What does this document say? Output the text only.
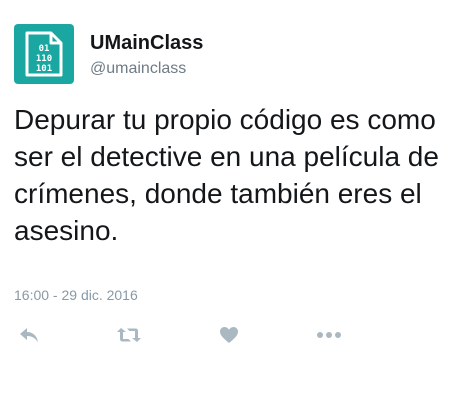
01
110
101
UMainClass
@umainclass
Depurar tu propio código es como ser el detective en una película de crímenes, donde también eres el asesino.
16:00 - 29 dic. 2016
